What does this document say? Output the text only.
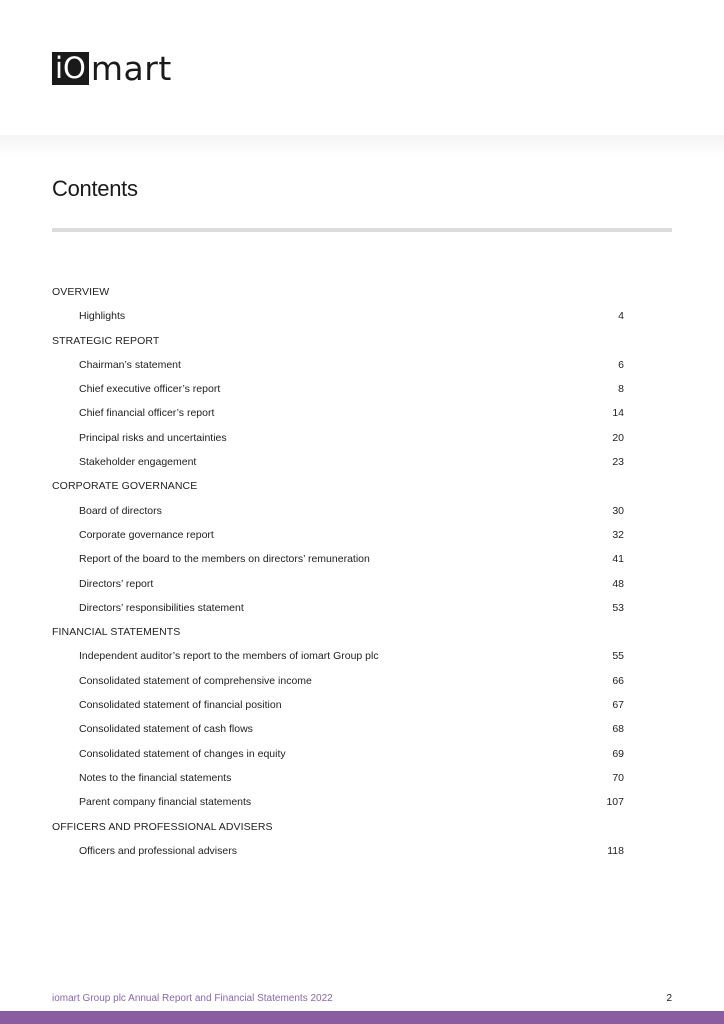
iO mart
Contents
OVERVIEW
Highlights	4
STRATEGIC REPORT
Chairman’s statement	6
Chief executive officer’s report	8
Chief financial officer’s report	14
Principal risks and uncertainties	20
Stakeholder engagement	23
CORPORATE GOVERNANCE
Board of directors	30
Corporate governance report	32
Report of the board to the members on directors’ remuneration	41
Directors’ report	48
Directors’ responsibilities statement	53
FINANCIAL STATEMENTS
Independent auditor’s report to the members of iomart Group plc	55
Consolidated statement of comprehensive income	66
Consolidated statement of financial position	67
Consolidated statement of cash flows	68
Consolidated statement of changes in equity	69
Notes to the financial statements	70
Parent company financial statements	107
OFFICERS AND PROFESSIONAL ADVISERS
Officers and professional advisers	118
iomart Group plc Annual Report and Financial Statements 2022	2
